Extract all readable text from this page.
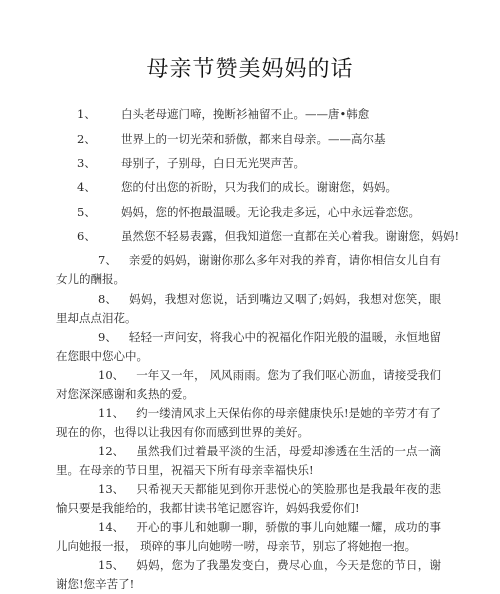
母亲节赞美妈妈的话
1、 白头老母遮门啼，挽断衫袖留不止。——唐•韩愈
2、 世界上的一切光荣和骄傲，都来自母亲。——高尔基
3、 母别子，子别母，白日无光哭声苦。
4、 您的付出您的祈盼，只为我们的成长。谢谢您，妈妈。
5、 妈妈，您的怀抱最温暖。无论我走多远，心中永远眷恋您。
6、 虽然您不轻易表露，但我知道您一直都在关心着我。谢谢您，妈妈!
7、 亲爱的妈妈，谢谢你那么多年对我的养育，请你相信女儿自有女儿的酬报。
8、 妈妈，我想对您说，话到嘴边又咽了;妈妈，我想对您笑，眼里却点点泪花。
9、 轻轻一声问安，将我心中的祝福化作阳光般的温暖，永恒地留在您眼中您心中。
10、 一年又一年， 风风雨雨。您为了我们呕心沥血，请接受我们对您深深感谢和炙热的爱。
11、 约一缕清风求上天保佑你的母亲健康快乐!是她的辛劳才有了现在的你，也得以让我因有你而感到世界的美好。
12、 虽然我们过着最平淡的生活，母爱却渗透在生活的一点一滴里。在母亲的节日里，祝福天下所有母亲幸福快乐!
13、 只希视天天都能见到你开悲悦心的笑脸那也是我最年夜的悲愉只要是我能给的，我都甘读书笔记愿容许，妈妈我爱你们!
14、 开心的事儿和她聊一聊，骄傲的事儿向她耀一耀，成功的事儿向她报一报， 琐碎的事儿向她唠一唠，母亲节，别忘了将她抱一抱。
15、 妈妈，您为了我墨发变白，费尽心血，今天是您的节日，谢谢您!您辛苦了!
